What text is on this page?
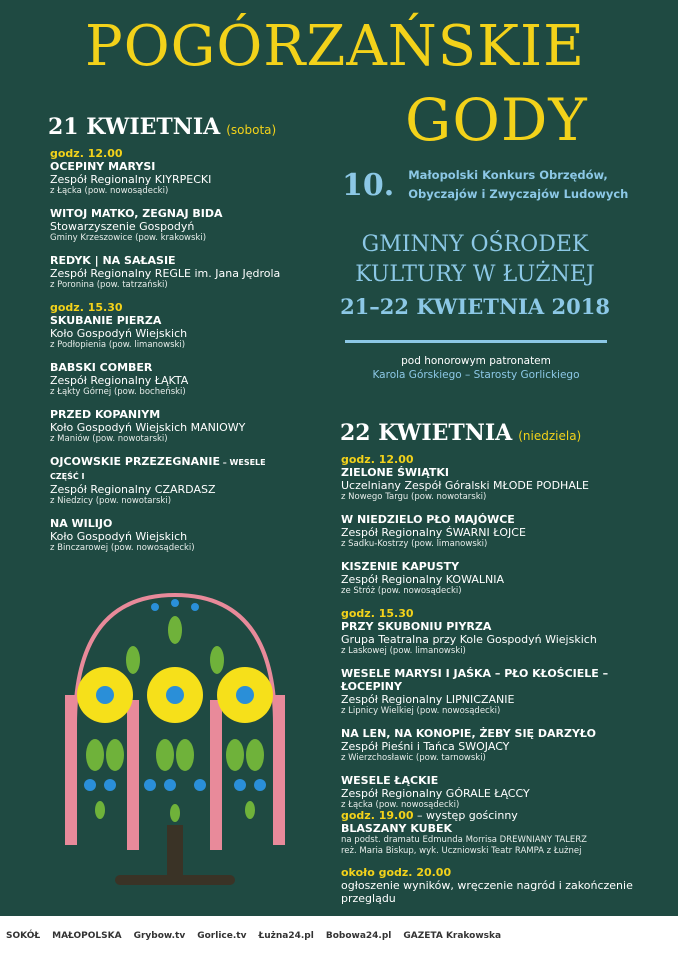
POGÓRZAŃSKIE
GODY
21 KWIETNIA (sobota)
godz. 12.00
OCEPINY MARYSI
Zespół Regionalny KIYRPECKI
z Łącka (pow. nowosądecki)
WITOJ MATKO, ZEGNAJ BIDA
Stowarzyszenie Gospodyń
Gminy Krzeszowice (pow. krakowski)
REDYK | NA SAŁASIE
Zespół Regionalny REGLE im. Jana Jędrola
z Poronina (pow. tatrzański)
godz. 15.30
SKUBANIE PIERZA
Koło Gospodyń Wiejskich
z Podłopienia (pow. limanowski)
BABSKI COMBER
Zespół Regionalny ŁĄKTA
z Łąkty Górnej (pow. bocheński)
PRZED KOPANIYM
Koło Gospodyń Wiejskich MANIOWY
z Maniów (pow. nowotarski)
OJCOWSKIE PRZEZEGNANIE – WESELE CZĘŚĆ I
Zespół Regionalny CZARDASZ
z Niedzicy (pow. nowotarski)
NA WILIJO
Koło Gospodyń Wiejskich
z Binczarowej (pow. nowosądecki)
10. Małopolski Konkurs Obrzędów,
Obyczajów i Zwyczajów Ludowych
GMINNY OŚRODEK
KULTURY W ŁUŻNEJ
21–22 KWIETNIA 2018
pod honorowym patronatem
Karola Górskiego – Starosty Gorlickiego
22 KWIETNIA (niedziela)
godz. 12.00
ZIELONE ŚWIĄTKI
Uczelniany Zespół Góralski MŁODE PODHALE
z Nowego Targu (pow. nowotarski)
W NIEDZIELO PŁO MAJÓWCE
Zespół Regionalny ŚWARNI ŁOJCE
z Sadku-Kostrzy (pow. limanowski)
KISZENIE KAPUSTY
Zespół Regionalny KOWALNIA
ze Stróż (pow. nowosądecki)
godz. 15.30
PRZY SKUBONIU PIYRZA
Grupa Teatralna przy Kole Gospodyń Wiejskich
z Laskowej (pow. limanowski)
WESELE MARYSI I JAŚKA – PŁO KŁOŚCIELE – ŁOCEPINY
Zespół Regionalny LIPNICZANIE
z Lipnicy Wielkiej (pow. nowosądecki)
NA LEN, NA KONOPIE, ŻEBY SIĘ DARZYŁO
Zespół Pieśni i Tańca SWOJACY
z Wierzchosławic (pow. tarnowski)
WESELE ŁĄCKIE
Zespół Regionalny GÓRALE ŁĄCCY
z Łącka (pow. nowosądecki)
godz. 19.00 – występ gościnny
BLASZANY KUBEK
na podst. dramatu Edmunda Morrisa DREWNIANY TALERZ
reż. Maria Biskup, wyk. Uczniowski Teatr RAMPA z Łużnej
około godz. 20.00
ogłoszenie wyników, wręczenie nagród i zakończenie przeglądu
SOKÓŁ MAŁOPOLSKA Grybow.tv Gorlice.tv Łużna24.pl Bobowa24.pl GAZETA Krakowska
